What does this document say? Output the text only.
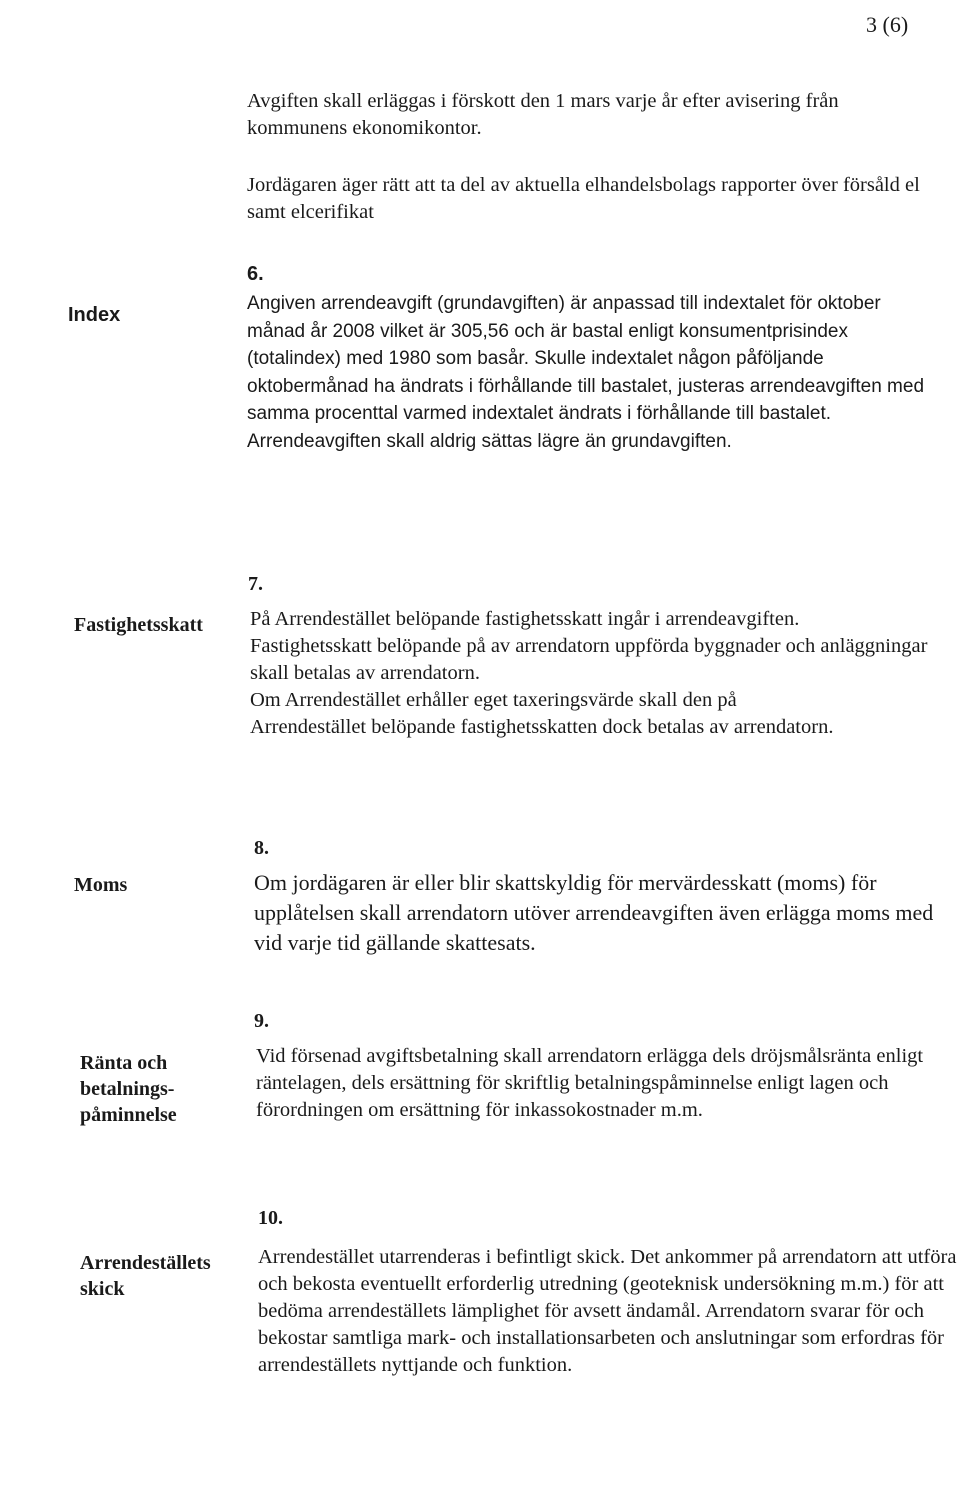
3 (6)
Avgiften skall erläggas i förskott den 1 mars varje år efter avisering från kommunens ekonomikontor.
Jordägaren äger rätt att ta del av aktuella elhandelsbolags rapporter över försåld el samt elcerifikat
6.
Index
Angiven arrendeavgift (grundavgiften) är anpassad till indextalet för oktober månad år 2008 vilket är 305,56 och är bastal enligt konsumentprisindex (totalindex) med 1980 som basår. Skulle indextalet någon påföljande oktobermånad ha ändrats i förhållande till bastalet, justeras arrendeavgiften med samma procenttal varmed indextalet ändrats i förhållande till bastalet. Arrendeavgiften skall aldrig sättas lägre än grundavgiften.
7.
Fastighetsskatt På Arrendestället belöpande fastighetsskatt ingår i arrendeavgiften.
Fastighetsskatt belöpande på av arrendatorn uppförda byggnader och anläggningar skall betalas av arrendatorn.
Om Arrendestället erhåller eget taxeringsvärde skall den på Arrendestället belöpande fastighetsskatten dock betalas av arrendatorn.
8.
Moms	Om jordägaren är eller blir skattskyldig för mervärdesskatt (moms) för upplåtelsen skall arrendatorn utöver arrendeavgiften även erlägga moms med vid varje tid gällande skattesats.
9.
Ränta och
betalnings-
påminnelse
Vid försenad avgiftsbetalning skall arrendatorn erlägga dels dröjsmålsränta enligt räntelagen, dels ersättning för skriftlig betalningspåminnelse enligt lagen och förordningen om ersättning för inkassokostnader m.m.
10.
Arrendeställets
skick
Arrendestället utarrenderas i befintligt skick. Det ankommer på arrendatorn att utföra och bekosta eventuellt erforderlig utredning (geoteknisk undersökning m.m.) för att bedöma arrendeställets lämplighet för avsett ändamål. Arrendatorn svarar för och bekostar samtliga mark- och installationsarbeten och anslutningar som erfordras för arrendeställets nyttjande och funktion.
